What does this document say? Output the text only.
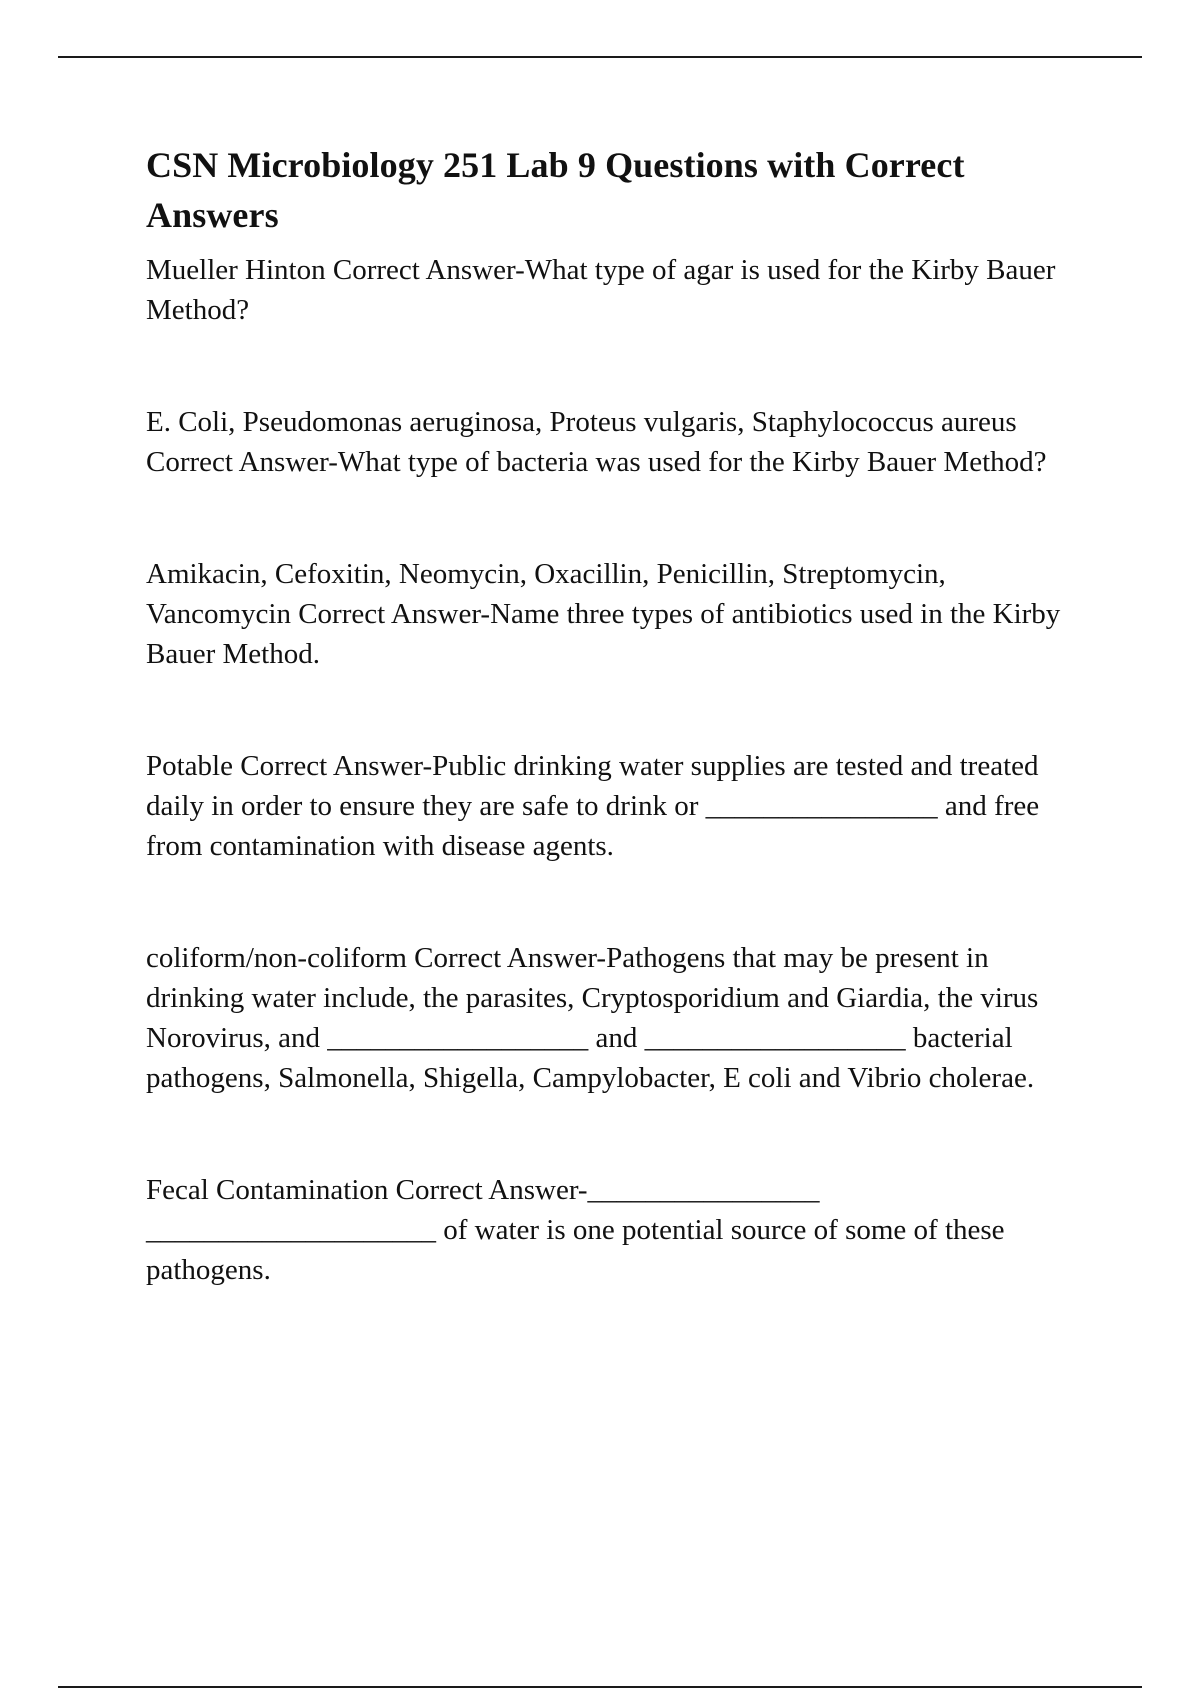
CSN Microbiology 251 Lab 9 Questions with Correct Answers

Mueller Hinton Correct Answer-What type of agar is used for the Kirby Bauer Method?

E. Coli, Pseudomonas aeruginosa, Proteus vulgaris, Staphylococcus aureus Correct Answer-What type of bacteria was used for the Kirby Bauer Method?

Amikacin, Cefoxitin, Neomycin, Oxacillin, Penicillin, Streptomycin, Vancomycin Correct Answer-Name three types of antibiotics used in the Kirby Bauer Method.

Potable Correct Answer-Public drinking water supplies are tested and treated daily in order to ensure they are safe to drink or ________________ and free from contamination with disease agents.

coliform/non-coliform Correct Answer-Pathogens that may be present in drinking water include, the parasites, Cryptosporidium and Giardia, the virus Norovirus, and __________________ and __________________ bacterial pathogens, Salmonella, Shigella, Campylobacter, E coli and Vibrio cholerae.

Fecal Contamination Correct Answer-________________ ____________________ of water is one potential source of some of these pathogens.
